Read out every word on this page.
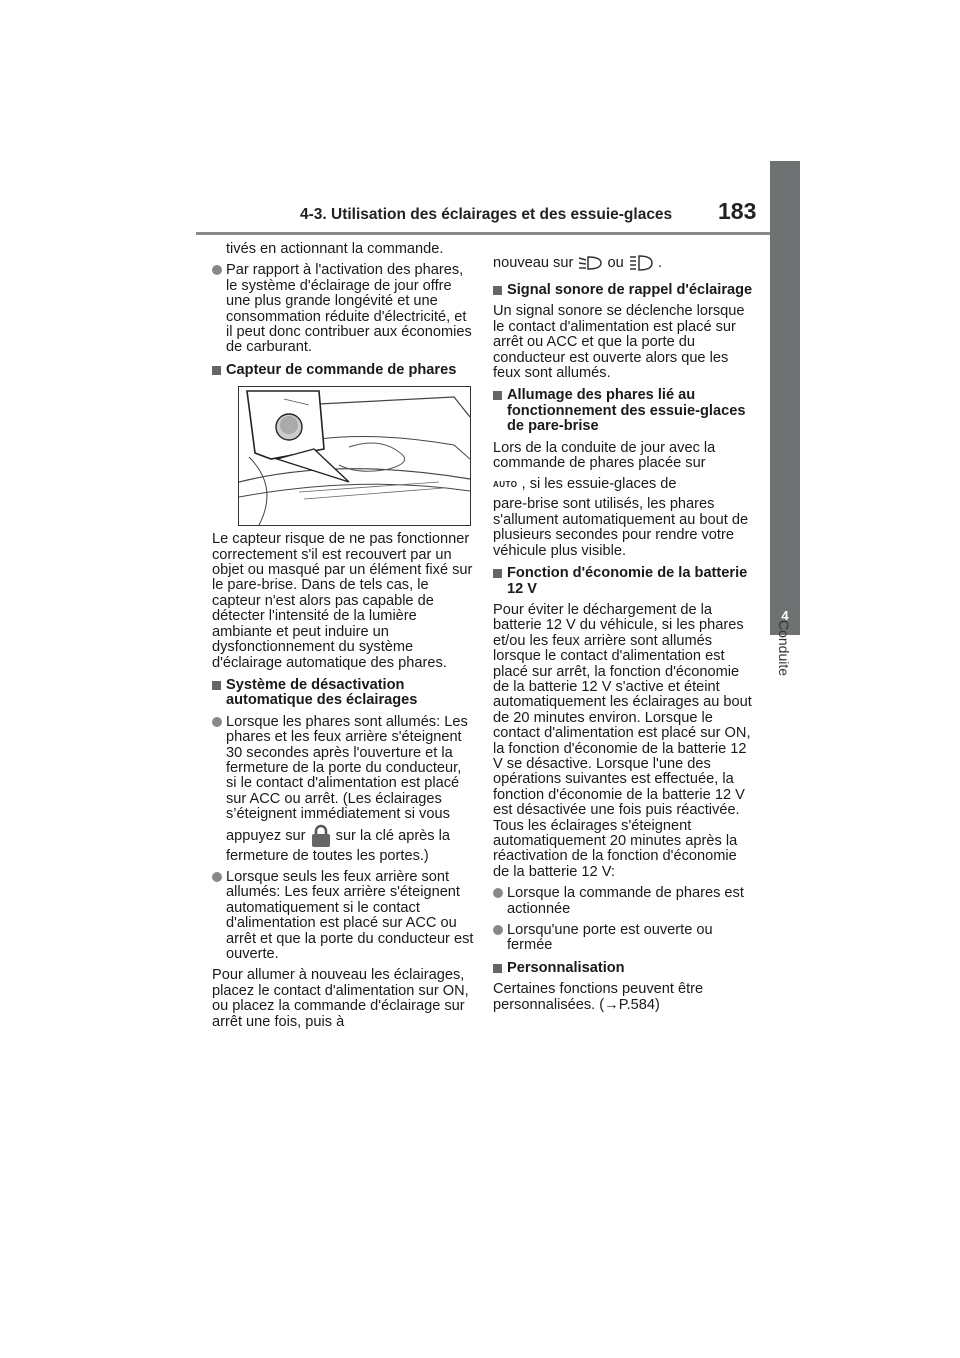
4-3. Utilisation des éclairages et des essuie-glaces 183
4
Conduite

tivés en actionnant la commande.

Par rapport à l'activation des phares, le système d'éclairage de jour offre une plus grande longévité et une consommation réduite d'électricité, et il peut donc contribuer aux économies de carburant.
Capteur de commande de phares

Le capteur risque de ne pas fonctionner correctement s'il est recouvert par un objet ou masqué par un élément fixé sur le pare-brise. Dans de tels cas, le capteur n'est alors pas capable de détecter l'intensité de la lumière ambiante et peut induire un dysfonctionnement du système d'éclairage automatique des phares.

Système de désactivation automatique des éclairages
Lorsque les phares sont allumés: Les phares et les feux arrière s'éteignent 30 secondes après l'ouverture et la fermeture de la porte du conducteur, si le contact d'alimentation est placé sur ACC ou arrêt. (Les éclairages s’éteignent immédiatement si vous
appuyez sur sur la clé après la
fermeture de toutes les portes.)
Lorsque seuls les feux arrière sont allumés: Les feux arrière s'éteignent automatiquement si le contact d'alimentation est placé sur ACC ou arrêt et que la porte du conducteur est ouverte.

Pour allumer à nouveau les éclairages, placez le contact d'alimentation sur ON, ou placez la commande d'éclairage sur arrêt une fois, puis à

nouveau sur ou .
Signal sonore de rappel d'éclairage

Un signal sonore se déclenche lorsque le contact d'alimentation est placé sur arrêt ou ACC et que la porte du conducteur est ouverte alors que les feux sont allumés.

Allumage des phares lié au fonctionnement des essuie-glaces de pare-brise

Lors de la conduite de jour avec la commande de phares placée sur

AUTO , si les essuie-glaces de

pare-brise sont utilisés, les phares s'allument automatiquement au bout de plusieurs secondes pour rendre votre véhicule plus visible.

Fonction d'économie de la batterie 12 V

Pour éviter le déchargement de la batterie 12 V du véhicule, si les phares et/ou les feux arrière sont allumés lorsque le contact d'alimentation est placé sur arrêt, la fonction d'économie de la batterie 12 V s'active et éteint automatiquement les éclairages au bout de 20 minutes environ. Lorsque le contact d'alimentation est placé sur ON, la fonction d'économie de la batterie 12 V se désactive. Lorsque l'une des opérations suivantes est effectuée, la fonction d'économie de la batterie 12 V est désactivée une fois puis réactivée. Tous les éclairages s'éteignent automatiquement 20 minutes après la réactivation de la fonction d'économie de la batterie 12 V:

Lorsque la commande de phares est actionnée
Lorsqu'une porte est ouverte ou fermée
Personnalisation

Certaines fonctions peuvent être personnalisées. (→P.584)
